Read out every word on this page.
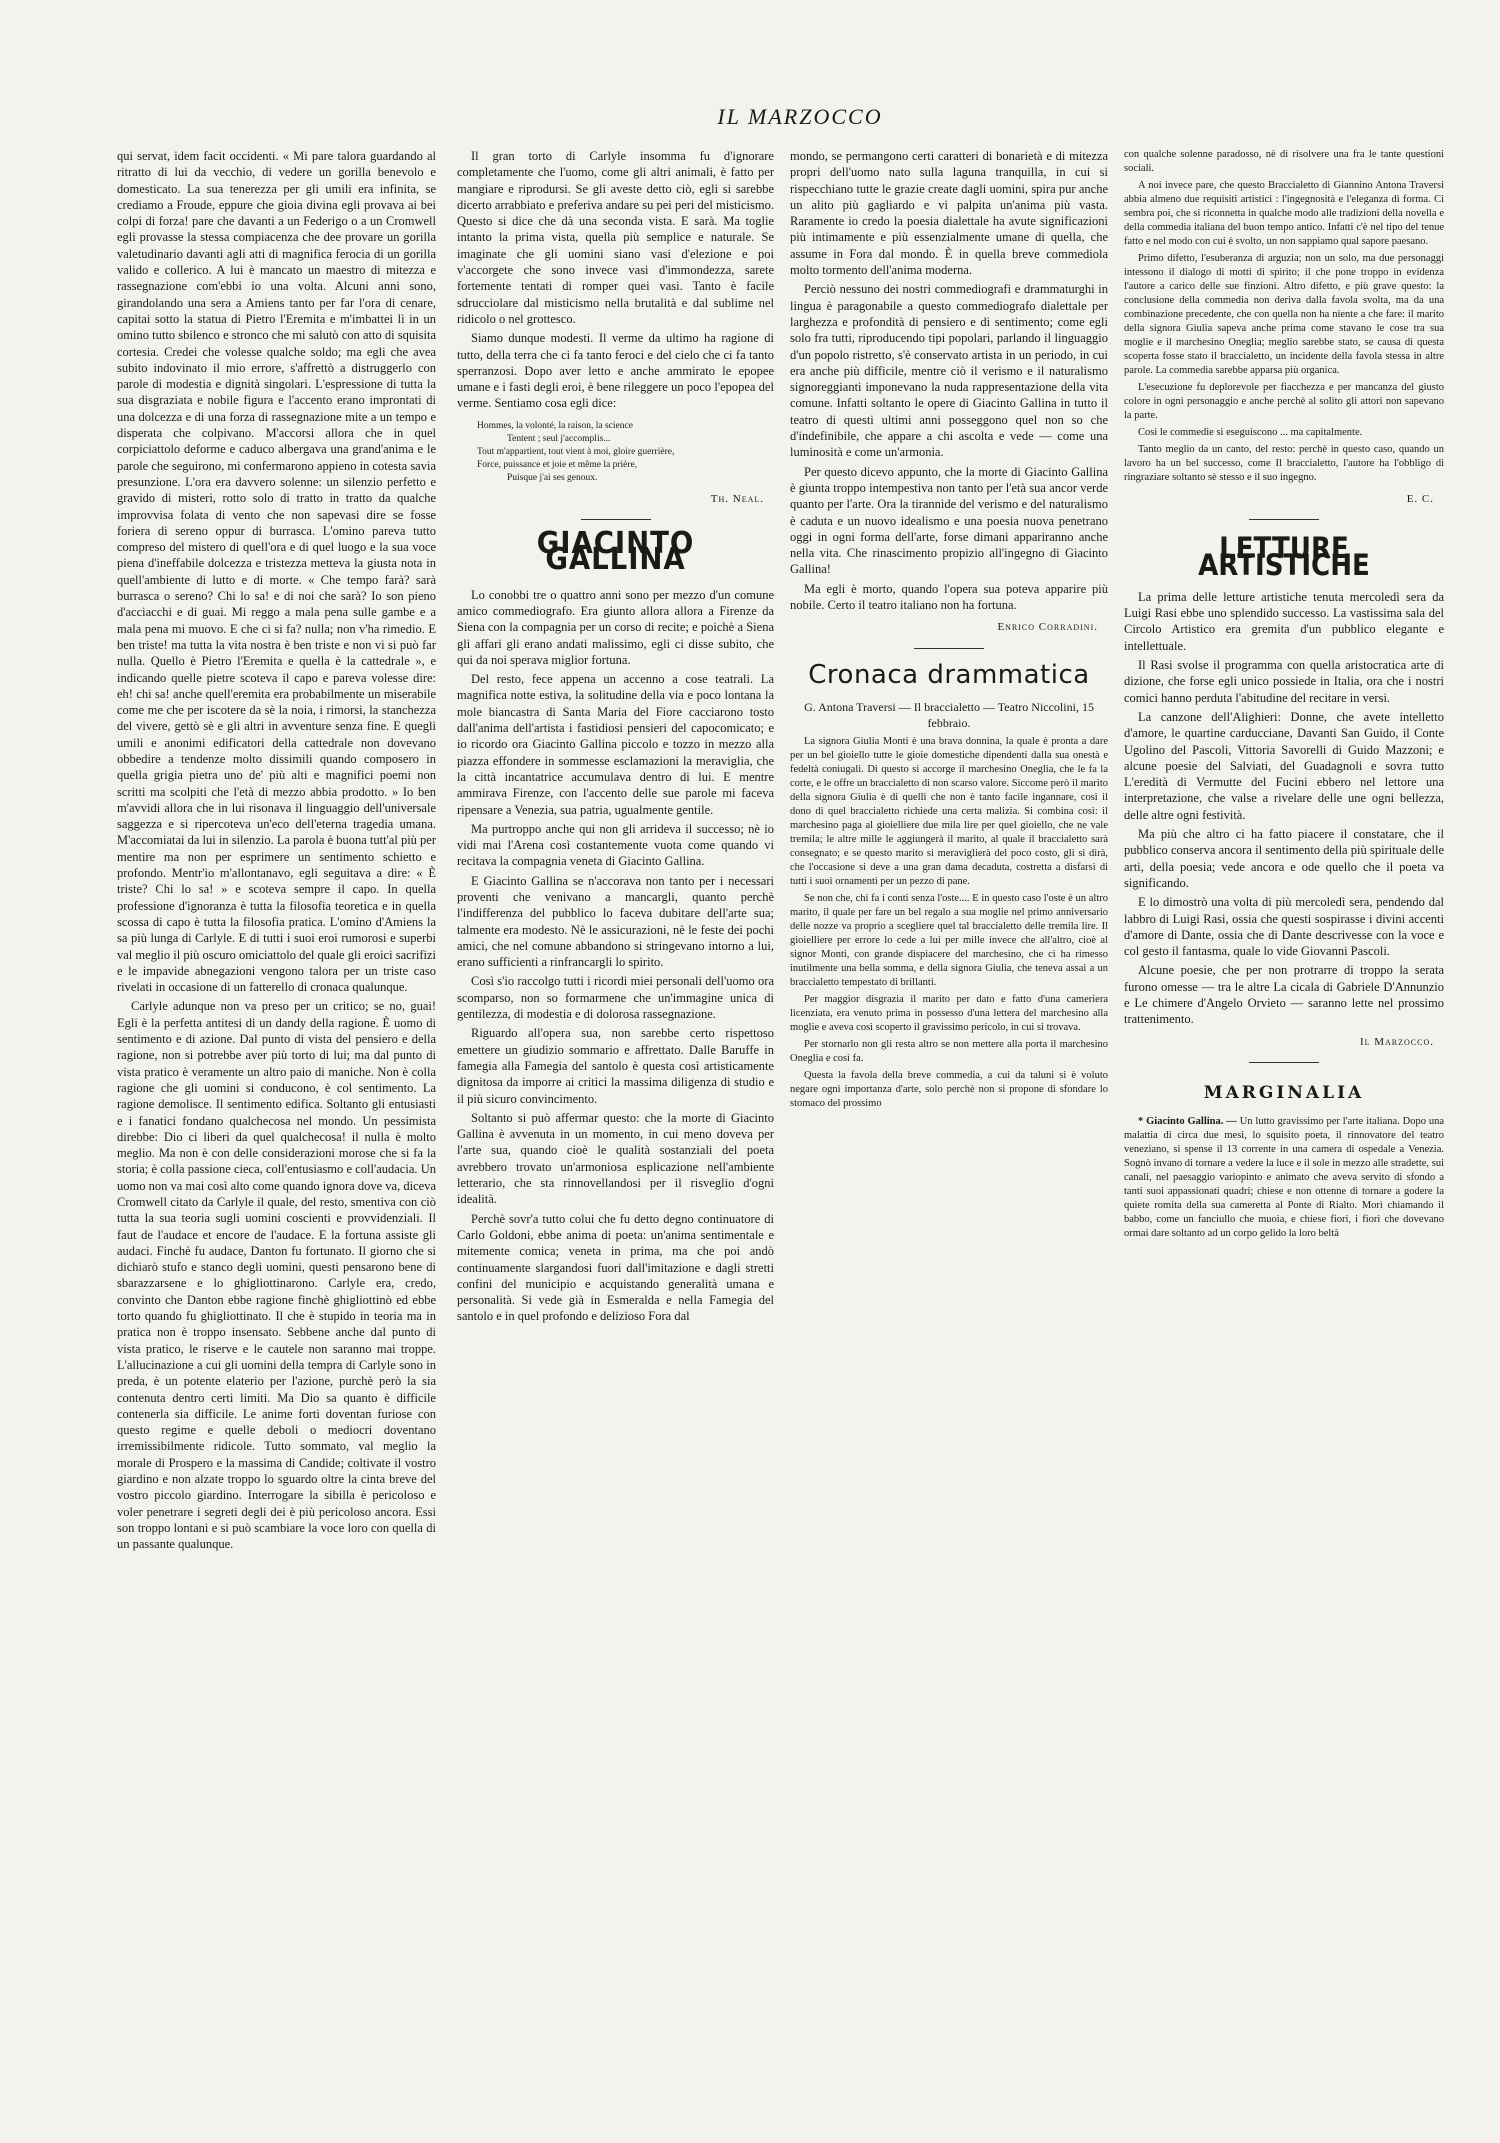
IL MARZOCCO

qui servat, idem facit occidenti. « Mi pare talora guardando al ritratto di lui da vecchio, di vedere un gorilla benevolo e domesticato. La sua tenerezza per gli umili era infinita, se crediamo a Froude, eppure che gioia divina egli provava ai bei colpi di forza! pare che davanti a un Federigo o a un Cromwell egli provasse la stessa compiacenza che dee provare un gorilla valetudinario davanti agli atti di magnifica ferocia di un gorilla valido e collerico. A lui è mancato un maestro di mitezza e rassegnazione com'ebbi io una volta. Alcuni anni sono, girandolando una sera a Amiens tanto per far l'ora di cenare, capitai sotto la statua di Pietro l'Eremita e m'imbattei lì in un omino tutto sbilenco e stronco che mi salutò con atto di squisita cortesia. Credei che volesse qualche soldo; ma egli che avea subito indovinato il mio errore, s'affrettò a distruggerlo con parole di modestia e dignità singolari. L'espressione di tutta la sua disgraziata e nobile figura e l'accento erano improntati di una dolcezza e di una forza di rassegnazione mite a un tempo e disperata che colpivano. M'accorsi allora che in quel corpiciattolo deforme e caduco albergava una grand'anima e le parole che seguirono, mi confermarono appieno in cotesta savia presunzione. L'ora era davvero solenne: un silenzio perfetto e gravido di misteri, rotto solo di tratto in tratto da qualche improvvisa folata di vento che non sapevasi dire se fosse foriera di sereno oppur di burrasca. L'omino pareva tutto compreso del mistero di quell'ora e di quel luogo e la sua voce piena d'ineffabile dolcezza e tristezza metteva la giusta nota in quell'ambiente di lutto e di morte. « Che tempo farà? sarà burrasca o sereno? Chi lo sa! e di noi che sarà? Io son pieno d'acciacchi e di guai. Mi reggo a mala pena sulle gambe e a mala pena mi muovo. E che ci si fa? nulla; non v'ha rimedio. E ben triste! ma tutta la vita nostra è ben triste e non vi si può far nulla. Quello è Pietro l'Eremita e quella è la cattedrale », e indicando quelle pietre scoteva il capo e pareva volesse dire: eh! chi sa! anche quell'eremita era probabilmente un miserabile come me che per iscotere da sè la noia, i rimorsi, la stanchezza del vivere, gettò sè e gli altri in avventure senza fine. E quegli umili e anonimi edificatori della cattedrale non dovevano obbedire a tendenze molto dissimili quando composero in quella grigia pietra uno de' più alti e magnifici poemi non scritti ma scolpiti che l'età di mezzo abbia prodotto. » Io ben m'avvidi allora che in lui risonava il linguaggio dell'universale saggezza e si ripercoteva un'eco dell'eterna tragedia umana. M'accomiatai da lui in silenzio. La parola è buona tutt'al più per mentire ma non per esprimere un sentimento schietto e profondo. Mentr'io m'allontanavo, egli seguitava a dire: « È triste? Chi lo sa! » e scoteva sempre il capo. In quella professione d'ignoranza è tutta la filosofia teoretica e in quella scossa di capo è tutta la filosofia pratica. L'omino d'Amiens la sa più lunga di Carlyle. E di tutti i suoi eroi rumorosi e superbi val meglio il più oscuro omiciattolo del quale gli eroici sacrifizi e le impavide abnegazioni vengono talora per un triste caso rivelati in occasione di un fatterello di cronaca qualunque.

Carlyle adunque non va preso per un critico; se no, guai! Egli è la perfetta antitesi di un dandy della ragione. È uomo di sentimento e di azione. Dal punto di vista del pensiero e della ragione, non si potrebbe aver più torto di lui; ma dal punto di vista pratico è veramente un altro paio di maniche. Non è colla ragione che gli uomini si conducono, è col sentimento. La ragione demolisce. Il sentimento edifica. Soltanto gli entusiasti e i fanatici fondano qualchecosa nel mondo. Un pessimista direbbe: Dio ci liberi da quel qualchecosa! il nulla è molto meglio. Ma non è con delle considerazioni morose che si fa la storia; è colla passione cieca, coll'entusiasmo e coll'audacia. Un uomo non va mai così alto come quando ignora dove va, diceva Cromwell citato da Carlyle il quale, del resto, smentiva con ciò tutta la sua teoria sugli uomini coscienti e provvidenziali. Il faut de l'audace et encore de l'audace. E la fortuna assiste gli audaci. Finchè fu audace, Danton fu fortunato. Il giorno che si dichiarò stufo e stanco degli uomini, questi pensarono bene di sbarazzarsene e lo ghigliottinarono. Carlyle era, credo, convinto che Danton ebbe ragione finchè ghigliottinò ed ebbe torto quando fu ghigliottinato. Il che è stupido in teoria ma in pratica non è troppo insensato. Sebbene anche dal punto di vista pratico, le riserve e le cautele non saranno mai troppe. L'allucinazione a cui gli uomini della tempra di Carlyle sono in preda, è un potente elaterio per l'azione, purchè però la sia contenuta dentro certi limiti. Ma Dio sa quanto è difficile contenerla sia difficile. Le anime forti doventan furiose con questo regime e quelle deboli o mediocri doventano irremissibilmente ridicole. Tutto sommato, val meglio la morale di Prospero e la massima di Candide; coltivate il vostro giardino e non alzate troppo lo sguardo oltre la cinta breve del vostro piccolo giardino. Interrogare la sibilla è pericoloso e voler penetrare i segreti degli dei è più pericoloso ancora. Essi son troppo lontani e si può scambiare la voce loro con quella di un passante qualunque.

Il gran torto di Carlyle insomma fu d'ignorare completamente che l'uomo, come gli altri animali, è fatto per mangiare e riprodursi. Se gli aveste detto ciò, egli si sarebbe dicerto arrabbiato e preferiva andare su pei peri del misticismo. Questo si dice che dà una seconda vista. E sarà. Ma toglie intanto la prima vista, quella più semplice e naturale. Se imaginate che gli uomini siano vasi d'elezione e poi v'accorgete che sono invece vasi d'immondezza, sarete fortemente tentati di romper quei vasi. Tanto è facile sdrucciolare dal misticismo nella brutalità e dal sublime nel ridicolo o nel grottesco.

Siamo dunque modesti. Il verme da ultimo ha ragione di tutto, della terra che ci fa tanto feroci e del cielo che ci fa tanto sperranzosi. Dopo aver letto e anche ammirato le epopee umane e i fasti degli eroi, è bene rileggere un poco l'epopea del verme. Sentiamo cosa egli dice:

Hommes, la volonté, la raison, la science
Tentent ; seul j'accomplis...
Tout m'appartient, tout vient à moi, gloire guerrière,
Force, puissance et joie et même la prière,
Puisque j'ai ses genoux.
Th. Neal.
GIACINTO GALLINA

Lo conobbi tre o quattro anni sono per mezzo d'un comune amico commediografo. Era giunto allora allora a Firenze da Siena con la compagnia per un corso di recite; e poichè a Siena gli affari gli erano andati malissimo, egli ci disse subito, che qui da noi sperava miglior fortuna.

Del resto, fece appena un accenno a cose teatrali. La magnifica notte estiva, la solitudine della via e poco lontana la mole biancastra di Santa Maria del Fiore cacciarono tosto dall'anima dell'artista i fastidiosi pensieri del capocomicato; e io ricordo ora Giacinto Gallina piccolo e tozzo in mezzo alla piazza effondere in sommesse esclamazioni la meraviglia, che la città incantatrice accumulava dentro di lui. E mentre ammirava Firenze, con l'accento delle sue parole mi faceva ripensare a Venezia, sua patria, ugualmente gentile.

Ma purtroppo anche qui non gli arrideva il successo; nè io vidi mai l'Arena così costantemente vuota come quando vi recitava la compagnia veneta di Giacinto Gallina.

E Giacinto Gallina se n'accorava non tanto per i necessari proventi che venivano a mancargli, quanto perchè l'indifferenza del pubblico lo faceva dubitare dell'arte sua; talmente era modesto. Nè le assicurazioni, nè le feste dei pochi amici, che nel comune abbandono si stringevano intorno a lui, erano sufficienti a rinfrancargli lo spirito.

Così s'io raccolgo tutti i ricordi miei personali dell'uomo ora scomparso, non so formarmene che un'immagine unica di gentilezza, di modestia e di dolorosa rassegnazione.

Riguardo all'opera sua, non sarebbe certo rispettoso emettere un giudizio sommario e affrettato. Dalle Baruffe in famegia alla Famegia del santolo è questa così artisticamente dignitosa da imporre ai critici la massima diligenza di studio e il più sicuro convincimento.

Soltanto si può affermar questo: che la morte di Giacinto Gallina è avvenuta in un momento, in cui meno doveva per l'arte sua, quando cioè le qualità sostanziali del poeta avrebbero trovato un'armoniosa esplicazione nell'ambiente letterario, che sta rinnovellandosi per il risveglio d'ogni idealità.

Perchè sovr'a tutto colui che fu detto degno continuatore di Carlo Goldoni, ebbe anima di poeta: un'anima sentimentale e mitemente comica; veneta in prima, ma che poi andò continuamente slargandosi fuori dall'imitazione e dagli stretti confini del municipio e acquistando generalità umana e personalità. Si vede già in Esmeralda e nella Famegia del santolo e in quel profondo e delizioso Fora dal

mondo, se permangono certi caratteri di bonarietà e di mitezza propri dell'uomo nato sulla laguna tranquilla, in cui si rispecchiano tutte le grazie create dagli uomini, spira pur anche un alito più gagliardo e vi palpita un'anima più vasta. Raramente io credo la poesia dialettale ha avute significazioni più intimamente e più essenzialmente umane di quella, che assume in Fora dal mondo. È in quella breve commediola molto tormento dell'anima moderna.

Perciò nessuno dei nostri commediografi e drammaturghi in lingua è paragonabile a questo commediografo dialettale per larghezza e profondità di pensiero e di sentimento; come egli solo fra tutti, riproducendo tipi popolari, parlando il linguaggio d'un popolo ristretto, s'è conservato artista in un periodo, in cui era anche più difficile, mentre ciò il verismo e il naturalismo signoreggianti imponevano la nuda rappresentazione della vita comune. Infatti soltanto le opere di Giacinto Gallina in tutto il teatro di questi ultimi anni posseggono quel non so che d'indefinibile, che appare a chi ascolta e vede — come una luminosità e come un'armonia.

Per questo dicevo appunto, che la morte di Giacinto Gallina è giunta troppo intempestiva non tanto per l'età sua ancor verde quanto per l'arte. Ora la tirannide del verismo e del naturalismo è caduta e un nuovo idealismo e una poesia nuova penetrano oggi in ogni forma dell'arte, forse dimani appariranno anche nella vita. Che rinascimento propizio all'ingegno di Giacinto Gallina!

Ma egli è morto, quando l'opera sua poteva apparire più nobile. Certo il teatro italiano non ha fortuna.

Enrico Corradini.
Cronaca drammatica

G. Antona Traversi — Il braccialetto — Teatro Niccolini, 15 febbraio.

La signora Giulia Monti è una brava donnina, la quale è pronta a dare per un bel gioiello tutte le gioie domestiche dipendenti dalla sua onestà e fedeltà coniugali. Di questo si accorge il marchesino Oneglia, che le fa la corte, e le offre un braccialetto di non scarso valore. Siccome però il marito della signora Giulia è di quelli che non è tanto facile ingannare, così il dono di quel braccialetto richiede una certa malizia. Si combina così: il marchesino paga al gioielliere due mila lire per quel gioiello, che ne vale tremila; le altre mille le aggiungerà il marito, al quale il braccialetto sarà consegnato; e se questo marito si meraviglierà del poco costo, gli si dirà, che l'occasione si deve a una gran dama decaduta, costretta a disfarsi di tutti i suoi ornamenti per un pezzo di pane.

Se non che, chi fa i conti senza l'oste.... E in questo caso l'oste è un altro marito, il quale per fare un bel regalo a sua moglie nel primo anniversario delle nozze va proprio a scegliere quel tal braccialetto delle tremila lire. Il gioielliere per errore lo cede a lui per mille invece che all'altro, cioè al signor Monti, con grande dispiacere del marchesino, che ci ha rimesso inutilmente una bella somma, e della signora Giulia, che teneva assai a un braccialetto tempestato di brillanti.

Per maggior disgrazia il marito per dato e fatto d'una cameriera licenziata, era venuto prima in possesso d'una lettera del marchesino alla moglie e aveva così scoperto il gravissimo pericolo, in cui si trovava.

Per stornarlo non gli resta altro se non mettere alla porta il marchesino Oneglia e così fa.

Questa la favola della breve commedia, a cui da taluni si è voluto negare ogni importanza d'arte, solo perchè non si propone di sfondare lo stomaco del prossimo

con qualche solenne paradosso, nè di risolvere una fra le tante questioni sociali.

A noi invece pare, che questo Braccialetto di Giannino Antona Traversi abbia almeno due requisiti artistici : l'ingegnosità e l'eleganza di forma. Ci sembra poi, che si riconnetta in qualche modo alle tradizioni della novella e della commedia italiana del buon tempo antico. Infatti c'è nel tipo del tenue fatto e nel modo con cui è svolto, un non sappiamo qual sapore paesano.

Primo difetto, l'esuberanza di arguzia; non un solo, ma due personaggi intessono il dialogo di motti di spirito; il che pone troppo in evidenza l'autore a carico delle sue finzioni. Altro difetto, e più grave questo: la conclusione della commedia non deriva dalla favola svolta, ma da una combinazione precedente, che con quella non ha niente a che fare: il marito della signora Giulia sapeva anche prima come stavano le cose tra sua moglie e il marchesino Oneglia; meglio sarebbe stato, se causa di questa scoperta fosse stato il braccialetto, un incidente della favola stessa in altre parole. La commedia sarebbe apparsa più organica.

L'esecuzione fu deplorevole per fiacchezza e per mancanza del giusto colore in ogni personaggio e anche perchè al solito gli attori non sapevano la parte.

Così le commedie si eseguiscono ... ma capitalmente.

Tanto meglio da un canto, del resto: perchè in questo caso, quando un lavoro ha un bel successo, come Il braccialetto, l'autore ha l'obbligo di ringraziare soltanto sè stesso e il suo ingegno.

E. C.
LETTURE ARTISTICHE

La prima delle letture artistiche tenuta mercoledì sera da Luigi Rasi ebbe uno splendido successo. La vastissima sala del Circolo Artistico era gremita d'un pubblico elegante e intellettuale.

Il Rasi svolse il programma con quella aristocratica arte di dizione, che forse egli unico possiede in Italia, ora che i nostri comici hanno perduta l'abitudine del recitare in versi.

La canzone dell'Alighieri: Donne, che avete intelletto d'amore, le quartine carducciane, Davanti San Guido, il Conte Ugolino del Pascoli, Vittoria Savorelli di Guido Mazzoni; e alcune poesie del Salviati, del Guadagnoli e sovra tutto L'eredità di Vermutte del Fucini ebbero nel lettore una interpretazione, che valse a rivelare delle une ogni bellezza, delle altre ogni festività.

Ma più che altro ci ha fatto piacere il constatare, che il pubblico conserva ancora il sentimento della più spirituale delle arti, della poesia; vede ancora e ode quello che il poeta va significando.

E lo dimostrò una volta di più mercoledì sera, pendendo dal labbro di Luigi Rasi, ossia che questi sospirasse i divini accenti d'amore di Dante, ossia che di Dante descrivesse con la voce e col gesto il fantasma, quale lo vide Giovanni Pascoli.

Alcune poesie, che per non protrarre di troppo la serata furono omesse — tra le altre La cicala di Gabriele D'Annunzio e Le chimere d'Angelo Orvieto — saranno lette nel prossimo trattenimento.

Il Marzocco.
MARGINALIA

* Giacinto Gallina. — Un lutto gravissimo per l'arte italiana. Dopo una malattia di circa due mesi, lo squisito poeta, il rinnovatore del teatro veneziano, si spense il 13 corrente in una camera di ospedale a Venezia. Sognò invano di tornare a vedere la luce e il sole in mezzo alle stradette, sui canali, nel paesaggio variopinto e animato che aveva servito di sfondo a tanti suoi appassionati quadri; chiese e non ottenne di tornare a godere la quiete romita della sua cameretta al Ponte di Rialto. Morì chiamando il babbo, come un fanciullo che muoia, e chiese fiori, i fiori che dovevano ormai dare soltanto ad un corpo gelido la loro beltà
